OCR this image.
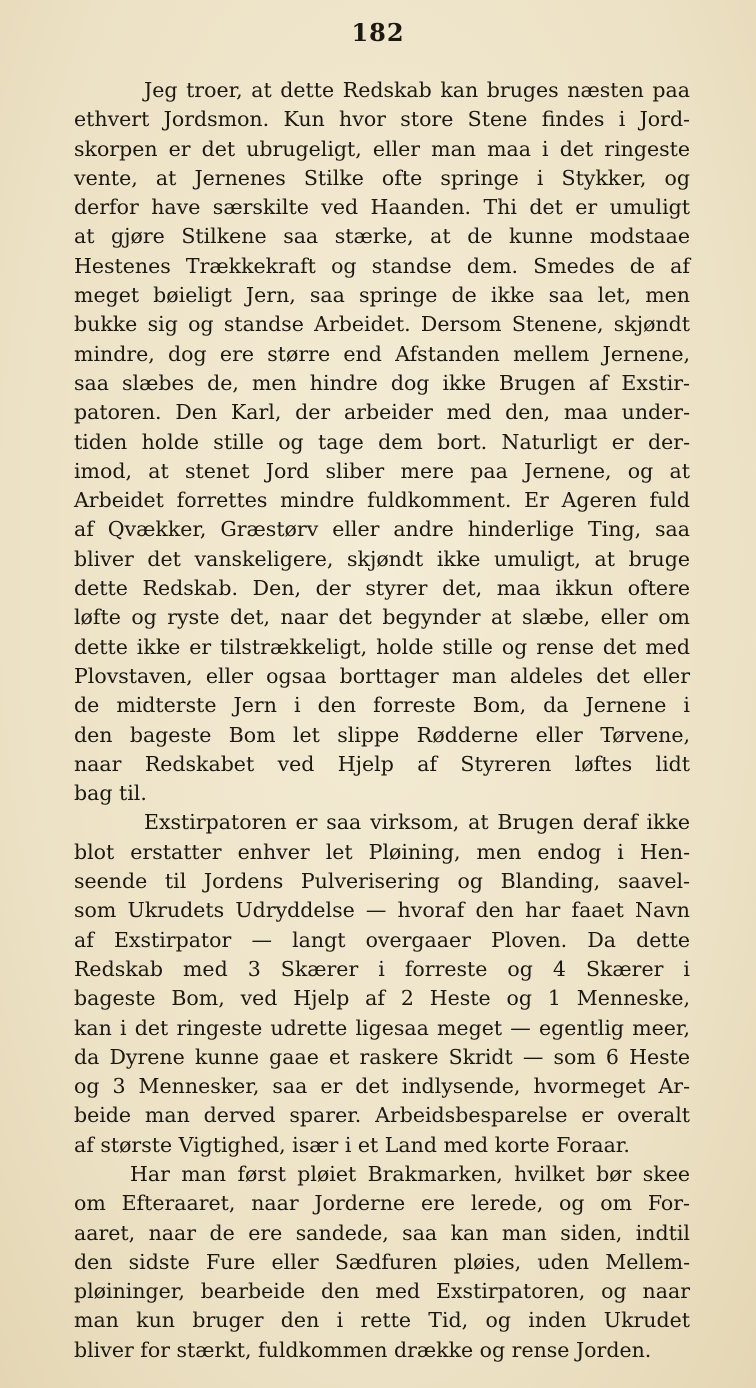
182
Jeg troer, at dette Redskab kan bruges næsten paa
ethvert Jordsmon. Kun hvor store Stene findes i Jord-
skorpen er det ubrugeligt, eller man maa i det ringeste
vente, at Jernenes Stilke ofte springe i Stykker, og
derfor have særskilte ved Haanden. Thi det er umuligt
at gjøre Stilkene saa stærke, at de kunne modstaae
Hestenes Trækkekraft og standse dem. Smedes de af
meget bøieligt Jern, saa springe de ikke saa let, men
bukke sig og standse Arbeidet. Dersom Stenene, skjøndt
mindre, dog ere større end Afstanden mellem Jernene,
saa slæbes de, men hindre dog ikke Brugen af Exstir-
patoren. Den Karl, der arbeider med den, maa under-
tiden holde stille og tage dem bort. Naturligt er der-
imod, at stenet Jord sliber mere paa Jernene, og at
Arbeidet forrettes mindre fuldkomment. Er Ageren fuld
af Qvækker, Græstørv eller andre hinderlige Ting, saa
bliver det vanskeligere, skjøndt ikke umuligt, at bruge
dette Redskab. Den, der styrer det, maa ikkun oftere
løfte og ryste det, naar det begynder at slæbe, eller om
dette ikke er tilstrækkeligt, holde stille og rense det med
Plovstaven, eller ogsaa borttager man aldeles det eller
de midterste Jern i den forreste Bom, da Jernene i
den bageste Bom let slippe Rødderne eller Tørvene,
naar Redskabet ved Hjelp af Styreren løftes lidt
bag til.
Exstirpatoren er saa virksom, at Brugen deraf ikke
blot erstatter enhver let Pløining, men endog i Hen-
seende til Jordens Pulverisering og Blanding, saavel-
som Ukrudets Udryddelse — hvoraf den har faaet Navn
af Exstirpator — langt overgaaer Ploven. Da dette
Redskab med 3 Skærer i forreste og 4 Skærer i
bageste Bom, ved Hjelp af 2 Heste og 1 Menneske,
kan i det ringeste udrette ligesaa meget — egentlig meer,
da Dyrene kunne gaae et raskere Skridt — som 6 Heste
og 3 Mennesker, saa er det indlysende, hvormeget Ar-
beide man derved sparer. Arbeidsbesparelse er overalt
af største Vigtighed, især i et Land med korte Foraar.
Har man først pløiet Brakmarken, hvilket bør skee
om Efteraaret, naar Jorderne ere lerede, og om For-
aaret, naar de ere sandede, saa kan man siden, indtil
den sidste Fure eller Sædfuren pløies, uden Mellem-
pløininger, bearbeide den med Exstirpatoren, og naar
man kun bruger den i rette Tid, og inden Ukrudet
bliver for stærkt, fuldkommen drække og rense Jorden.
